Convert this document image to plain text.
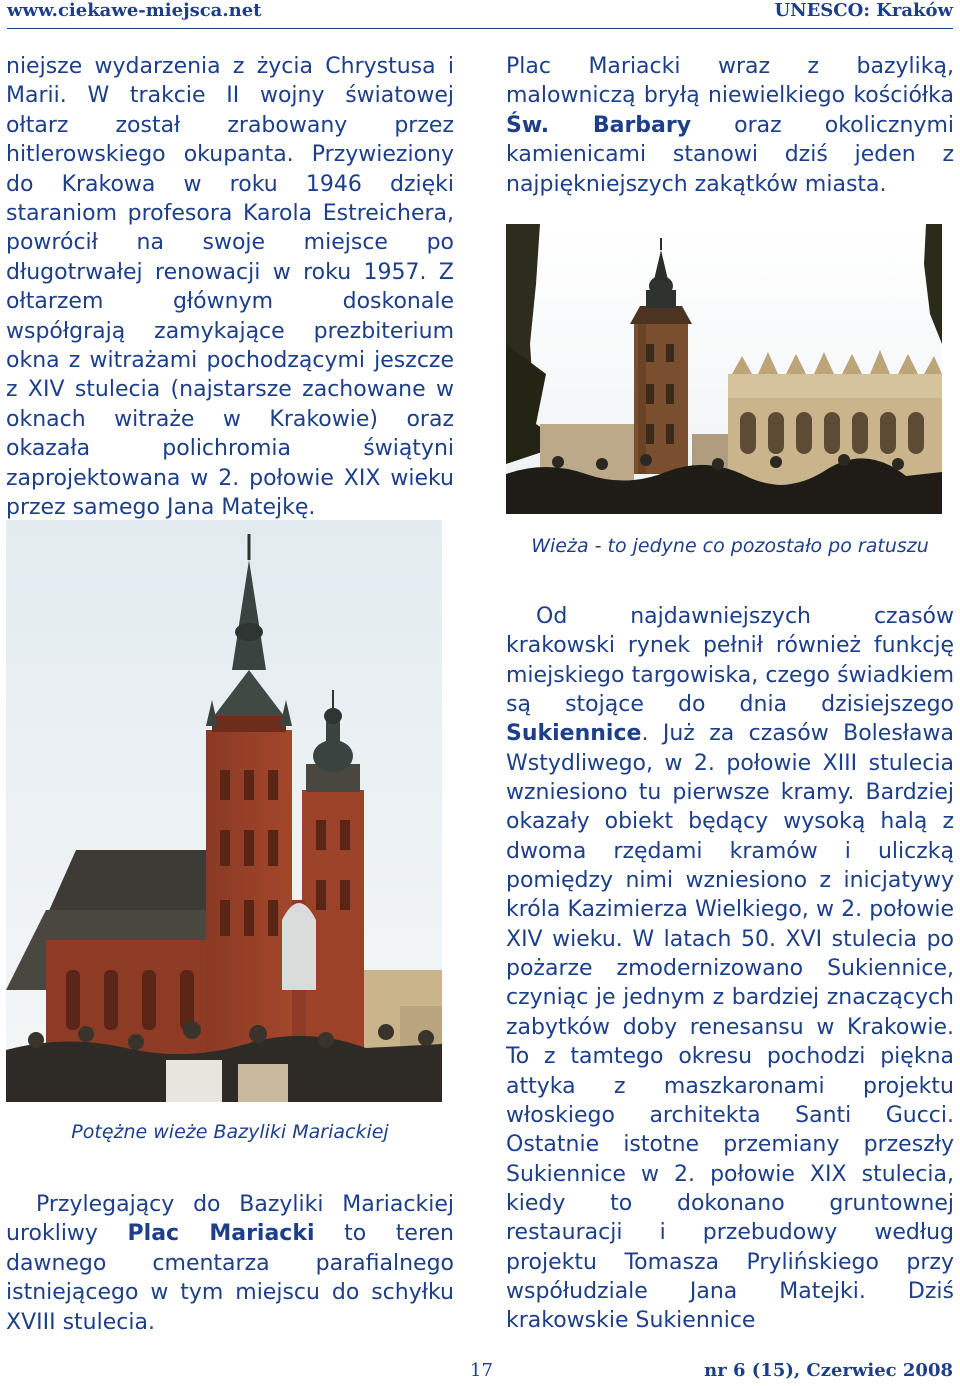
www.ciekawe-miejsca.net	UNESCO: Kraków

niejsze wydarzenia z życia Chrystusa i Marii. W trakcie II wojny światowej ołtarz został zrabowany przez hitlerowskiego okupanta. Przywieziony do Krakowa w roku 1946 dzięki staraniom profesora Karola Estreichera, powrócił na swoje miejsce po długotrwałej renowacji w roku 1957. Z ołtarzem głównym doskonale współgrają zamykające prezbiterium okna z witrażami pochodzącymi jeszcze z XIV stulecia (najstarsze zachowane w oknach witraże w Krakowie) oraz okazała polichromia świątyni zaprojektowana w 2. połowie XIX wieku przez samego Jana Matejkę.

Plac Mariacki wraz z bazyliką, malowniczą bryłą niewielkiego kościółka Św. Barbary oraz okolicznymi kamienicami stanowi dziś jeden z najpiękniejszych zakątków miasta.

Wieża - to jedyne co pozostało po ratuszu

Od najdawniejszych czasów krakowski rynek pełnił również funkcję miejskiego targowiska, czego świadkiem są stojące do dnia dzisiejszego Sukiennice. Już za czasów Bolesława Wstydliwego, w 2. połowie XIII stulecia wzniesiono tu pierwsze kramy. Bardziej okazały obiekt będący wysoką halą z dwoma rzędami kramów i uliczką pomiędzy nimi wzniesiono z inicjatywy króla Kazimierza Wielkiego, w 2. połowie XIV wieku. W latach 50. XVI stulecia po pożarze zmodernizowano Sukiennice, czyniąc je jednym z bardziej znaczących zabytków doby renesansu w Krakowie. To z tamtego okresu pochodzi piękna attyka z maszkaronami projektu włoskiego architekta Santi Gucci. Ostatnie istotne przemiany przeszły Sukiennice w 2. połowie XIX stulecia, kiedy to dokonano gruntownej restauracji i przebudowy według projektu Tomasza Prylińskiego przy współudziale Jana Matejki. Dziś krakowskie Sukiennice

Potężne wieże Bazyliki Mariackiej

Przylegający do Bazyliki Mariackiej urokliwy Plac Mariacki to teren dawnego cmentarza parafialnego istniejącego w tym miejscu do schyłku XVIII stulecia.

17	nr 6 (15), Czerwiec 2008
